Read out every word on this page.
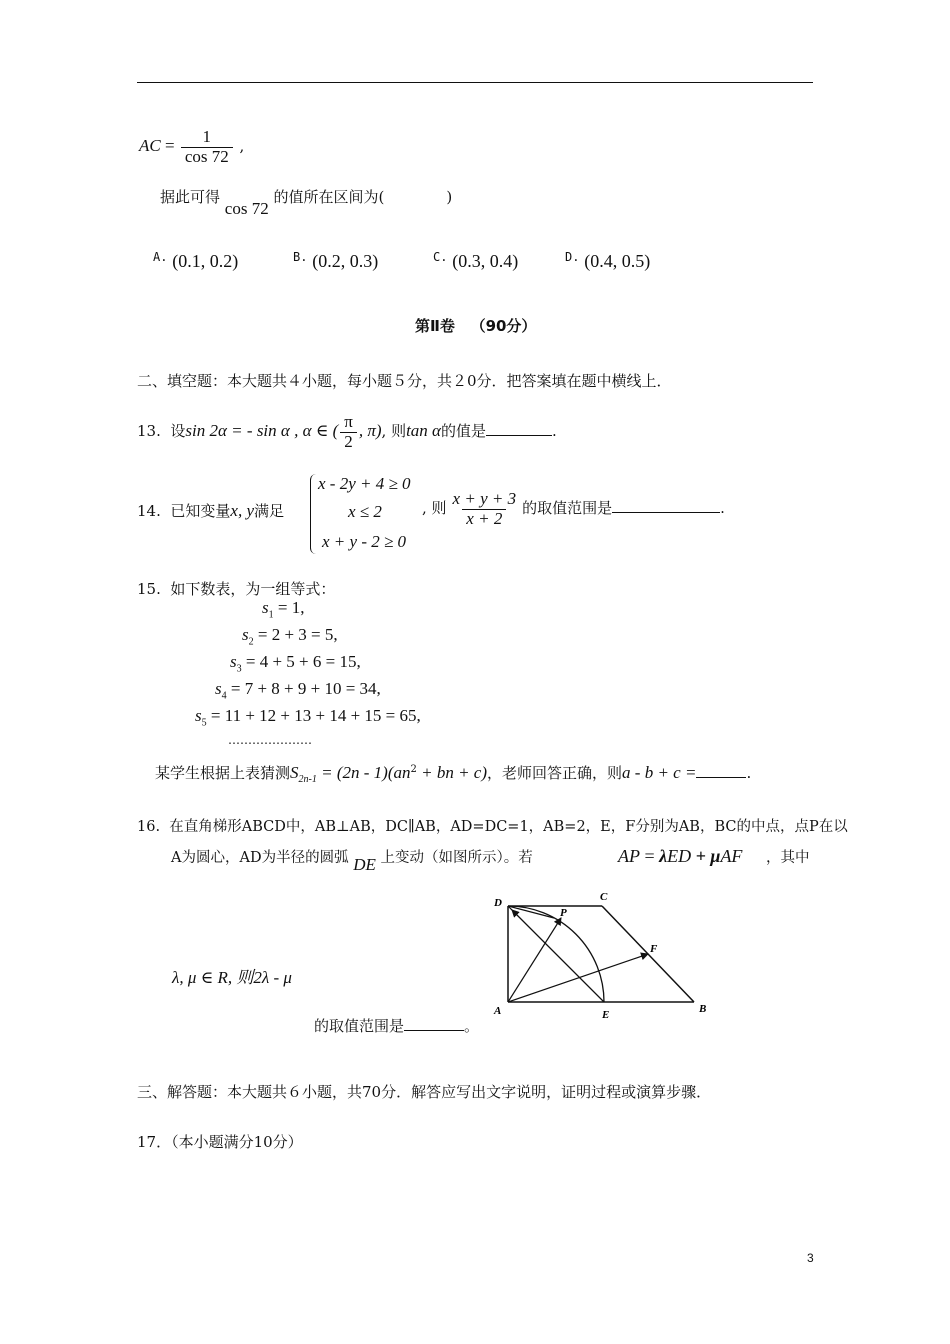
AC = $\frac{1}{\cos 72}$ ,
据此可得 cos 72 的值所在区间为(	)
$^{A.}$ (0.1, 0.2)	$^{B.}$ (0.2, 0.3)	$^{C.}$ (0.3, 0.4)	$^{D.}$ (0.4, 0.5)
第Ⅱ卷 （90分）
二、填空题：本大题共４小题，每小题５分，共２0分．把答案填在题中横线上．
13. 设sin 2α = - sin α , α ∈ ( $\frac{\pi}{2}$ , π), 则tan α的值是	.
14. 已知变量x, y满足
x - 2y + 4 ≥ 0
x ≤ 2
x + y - 2 ≥ 0
, 则 $\frac{x + y + 3}{x + 2}$ 的取值范围是	.
15. 如下数表，为一组等式：
$s_1 = 1$,
$s_2 = 2 + 3 = 5$,
$s_3 = 4 + 5 + 6 = 15$,
$s_4 = 7 + 8 + 9 + 10 = 34$,
$s_5 = 11 + 12 + 13 + 14 + 15 = 65$,
…………………
某学生根据上表猜测$S_{2n-1} = (2n - 1)(an^2$ + bn + c)，老师回答正确，则a - b + c =	.
16. 在直角梯形ABCD中，AB⊥AB，DC∥AB，AD=DC=1，AB=2，E，F分别为AB，BC的中点，点P在以
A为圆心，AD为半径的圆弧 DE 上变动（如图所示）。若	AP = λED + μAF ，其中
λ, μ ∈ R, 则2λ - μ
的取值范围是	。
D	C
P
F
A	E	B
三、解答题：本大题共６小题，共70分．解答应写出文字说明，证明过程或演算步骤．
17．（本小题满分10分）
3
